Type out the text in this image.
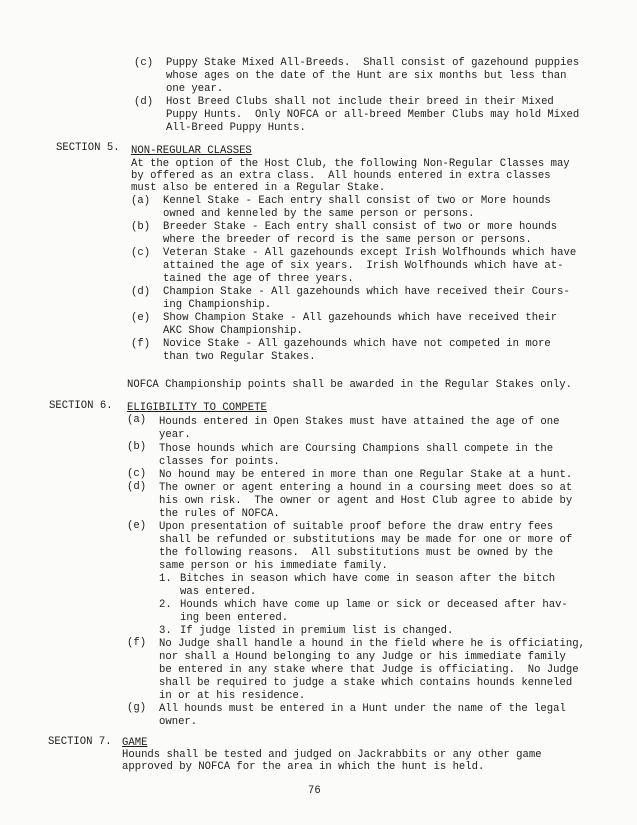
(c) Puppy Stake Mixed All-Breeds.  Shall consist of gazehound puppies
whose ages on the date of the Hunt are six months but less than
one year.
(d) Host Breed Clubs shall not include their breed in their Mixed
Puppy Hunts.  Only NOFCA or all-breed Member Clubs may hold Mixed
All-Breed Puppy Hunts.
SECTION 5. NON-REGULAR CLASSES
At the option of the Host Club, the following Non-Regular Classes may
by offered as an extra class.  All hounds entered in extra classes
must also be entered in a Regular Stake.
(a) Kennel Stake - Each entry shall consist of two or More hounds
owned and kenneled by the same person or persons.
(b) Breeder Stake - Each entry shall consist of two or more hounds
where the breeder of record is the same person or persons.
(c) Veteran Stake - All gazehounds except Irish Wolfhounds which have
attained the age of six years.  Irish Wolfhounds which have at-
tained the age of three years.
(d) Champion Stake - All gazehounds which have received their Cours-
ing Championship.
(e) Show Champion Stake - All gazehounds which have received their
AKC Show Championship.
(f) Novice Stake - All gazehounds which have not competed in more
than two Regular Stakes.
NOFCA Championship points shall be awarded in the Regular Stakes only.
SECTION 6. ELIGIBILITY TO COMPETE
(a) Hounds entered in Open Stakes must have attained the age of one
year.
(b) Those hounds which are Coursing Champions shall compete in the
classes for points.
(c) No hound may be entered in more than one Regular Stake at a hunt.
(d) The owner or agent entering a hound in a coursing meet does so at
his own risk.  The owner or agent and Host Club agree to abide by
the rules of NOFCA.
(e) Upon presentation of suitable proof before the draw entry fees
shall be refunded or substitutions may be made for one or more of
the following reasons.  All substitutions must be owned by the
same person or his immediate family.
1. Bitches in season which have come in season after the bitch
was entered.
2. Hounds which have come up lame or sick or deceased after hav-
ing been entered.
3. If judge listed in premium list is changed.
(f) No Judge shall handle a hound in the field where he is officiating,
nor shall a Hound belonging to any Judge or his immediate family
be entered in any stake where that Judge is officiating.  No Judge
shall be required to judge a stake which contains hounds kenneled
in or at his residence.
(g) All hounds must be entered in a Hunt under the name of the legal
owner.
SECTION 7. GAME
Hounds shall be tested and judged on Jackrabbits or any other game
approved by NOFCA for the area in which the hunt is held.
76
